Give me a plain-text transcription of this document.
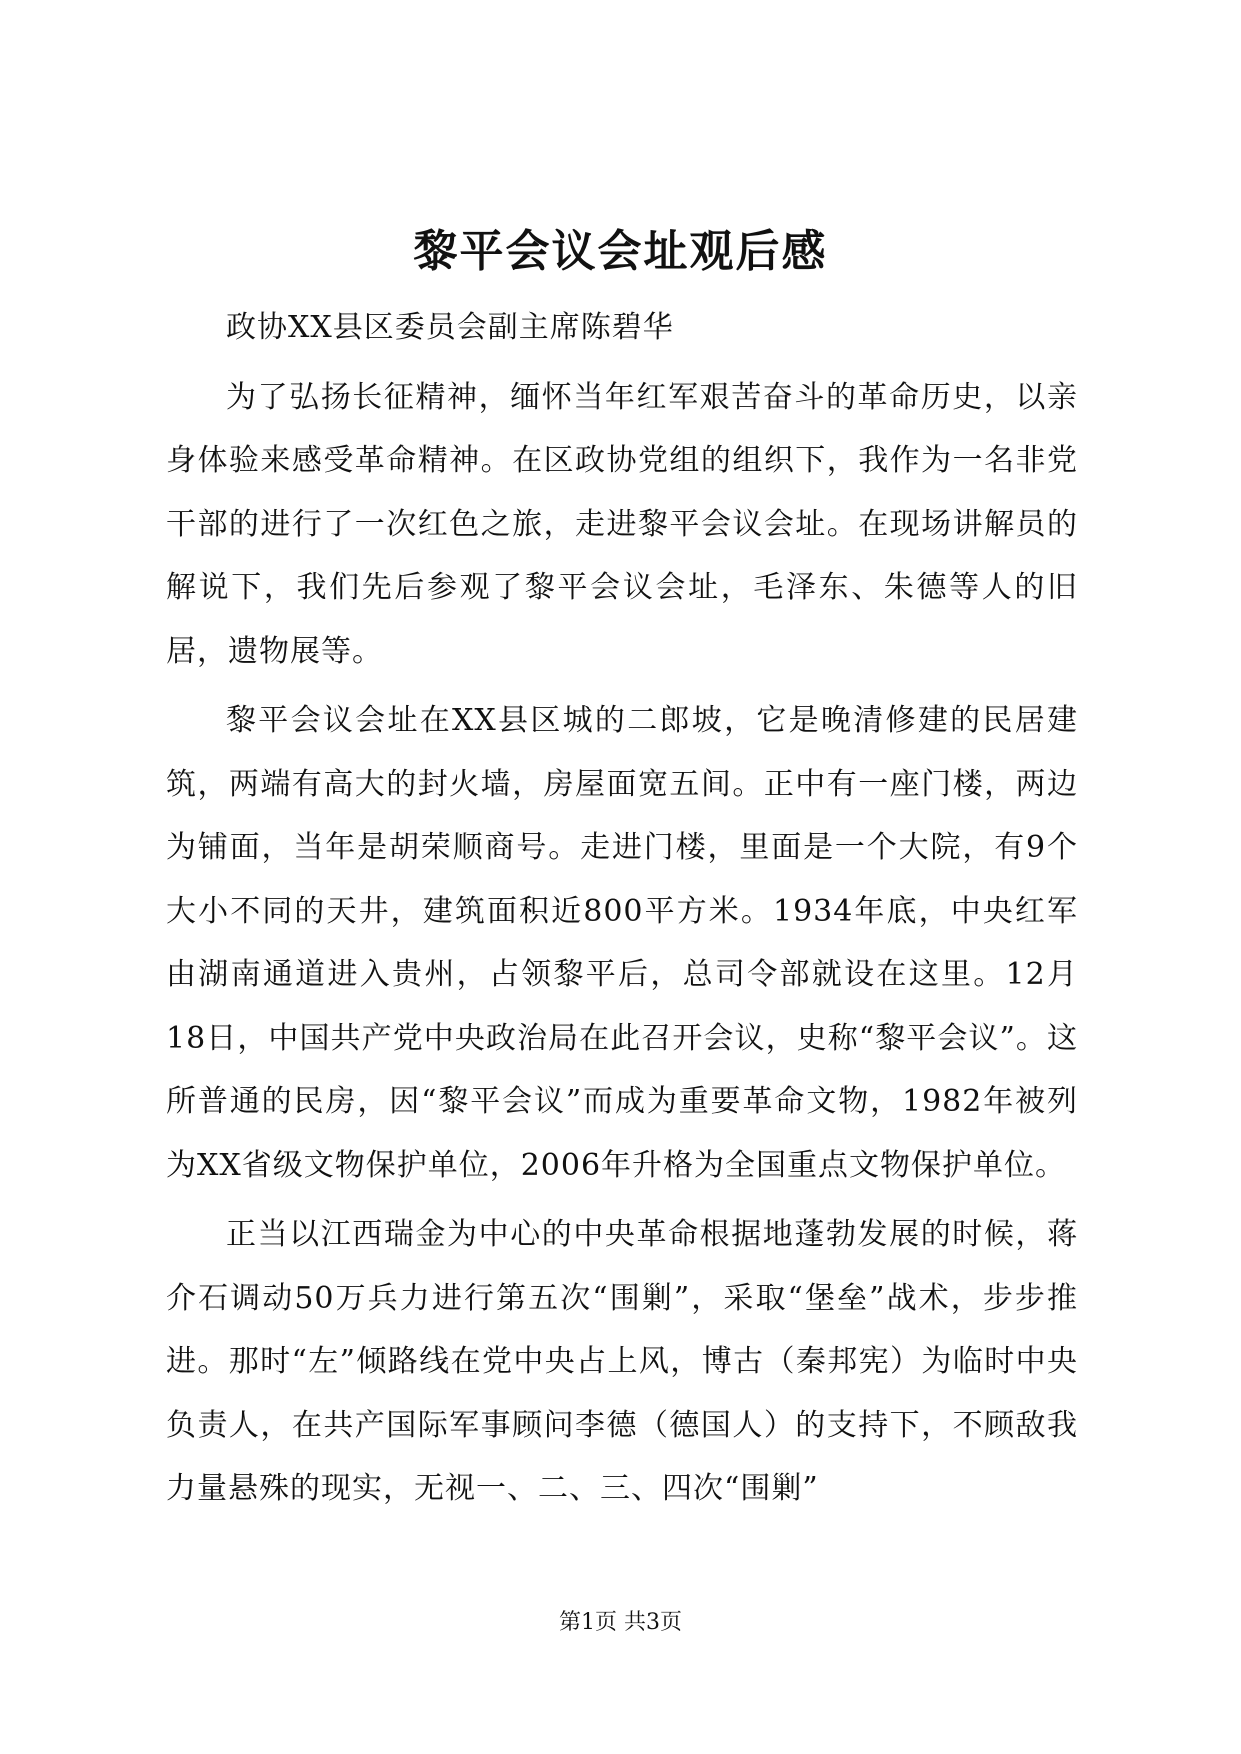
黎平会议会址观后感

政协XX县区委员会副主席陈碧华

为了弘扬长征精神，缅怀当年红军艰苦奋斗的革命历史，以亲身体验来感受革命精神。在区政协党组的组织下，我作为一名非党干部的进行了一次红色之旅，走进黎平会议会址。在现场讲解员的解说下，我们先后参观了黎平会议会址，毛泽东、朱德等人的旧居，遗物展等。

黎平会议会址在XX县区城的二郎坡，它是晚清修建的民居建筑，两端有高大的封火墙，房屋面宽五间。正中有一座门楼，两边为铺面，当年是胡荣顺商号。走进门楼，里面是一个大院，有9个大小不同的天井，建筑面积近800平方米。1934年底，中央红军由湖南通道进入贵州，占领黎平后，总司令部就设在这里。12月18日，中国共产党中央政治局在此召开会议，史称“黎平会议”。这所普通的民房，因“黎平会议”而成为重要革命文物，1982年被列为XX省级文物保护单位，2006年升格为全国重点文物保护单位。

正当以江西瑞金为中心的中央革命根据地蓬勃发展的时候，蒋介石调动50万兵力进行第五次“围剿”，采取“堡垒”战术，步步推进。那时“左”倾路线在党中央占上风，博古（秦邦宪）为临时中央负责人，在共产国际军事顾问李德（德国人）的支持下，不顾敌我力量悬殊的现实，无视一、二、三、四次“围剿”

第1页 共3页
